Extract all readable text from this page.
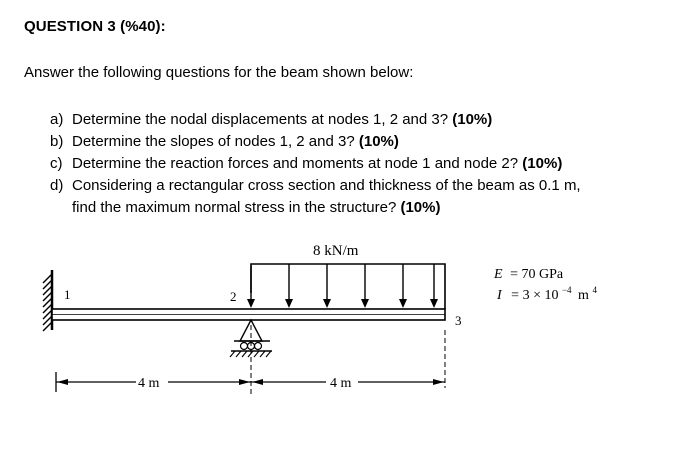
QUESTION 3 (%40):
Answer the following questions for the beam shown below:
a) Determine the nodal displacements at nodes 1, 2 and 3? (10%)
b) Determine the slopes of nodes 1, 2 and 3? (10%)
c) Determine the reaction forces and moments at node 1 and node 2? (10%)
d) Considering a rectangular cross section and thickness of the beam as 0.1 m,
find the maximum normal stress in the structure? (10%)
8 kN/m
1	2
3
4 m	4 m
E = 70 GPa
I = 3 × 10 $^{-4}$ m $^4$
